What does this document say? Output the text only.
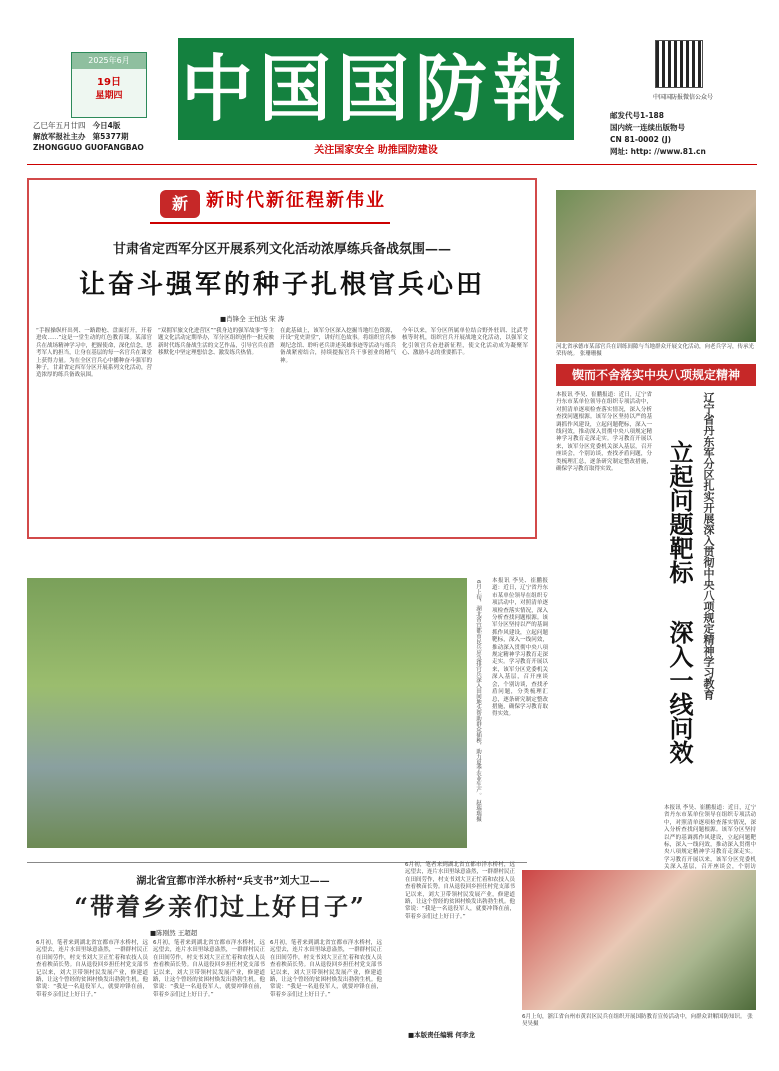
2025年6月
19日
星期四
乙巳年五月廿四 今日4版
解放军报社主办 第5377期
ZHONGGUO GUOFANGBAO
中国国防報
关注国家安全 助推国防建设
中国国防报微信公众号
邮发代号1-188
国内统一连续出版物号
CN 81-0002 (J)
网址: http: //www.81.cn
新	新时代新征程新伟业
甘肃省定西军分区开展系列文化活动浓厚练兵备战氛围——
让奋斗强军的种子扎根官兵心田
■肖锋全 王恒达 宋 涛
“手握操纵杆出列、一路蹬枪、盘面打开，开着进攻……”这是一堂生动的红色教育课。某部官兵在战场精神学习中，把握使命，深化信念，思考军人的担当，让身在基层的每一名官兵在课堂上获得力量。为在全区官兵心中播种奋斗强军的种子，甘肃省定西军分区开展系列文化活动，营造浓厚的练兵备战氛围。
“双拥军旅文化进营区”“我身边的强军故事”等主题文化活动定期举办，军分区组织创作一批反映新时代练兵备战生活的文艺作品，引导官兵在潜移默化中坚定理想信念、激发练兵热情。
在此基础上，该军分区深入挖掘当地红色资源，开设“党史讲堂”，讲好红色故事。将组织官兵参观纪念馆、聆听老兵讲述英雄事迹等活动与练兵备战紧密结合，持续提振官兵干事创业的精气神。
今年以来，军分区所属单位结合野外驻训、比武考核等时机，组织官兵开展战地文化活动，以强军文化引领官兵奋进新征程，使文化活动成为凝聚军心、激励斗志的重要抓手。
河北省承德市某部官兵在训练间隙与当地群众开展文化活动，向老兵学习，传承光荣传统。 张珊珊摄
锲而不舍落实中央八项规定精神
辽宁省丹东军分区扎实开展深入贯彻中央八项规定精神学习教育
立起问题靶标
深入一线问效
本报讯 李昊、崔鹏报道：近日，辽宁省丹东市某单位领导在组织专项活动中，对照清单逐项检查落实情况，深入分析查找问题根源。该军分区坚持以严的基调抓作风建设，立起问题靶标，深入一线问效，推动深入贯彻中央八项规定精神学习教育走深走实。学习教育开展以来，该军分区党委机关深入基层，召开座谈会，个别访谈，查找矛盾问题，分类梳理汇总，逐条研究制定整改措施，确保学习教育取得实效。
本报讯 李昊、崔鹏报道：近日，辽宁省丹东市某单位领导在组织专项活动中，对照清单逐项检查落实情况，深入分析查找问题根源。该军分区坚持以严的基调抓作风建设，立起问题靶标，深入一线问效，推动深入贯彻中央八项规定精神学习教育走深走实。学习教育开展以来，该军分区党委机关深入基层，召开座谈会，个别访
6月上旬，湖北省宜都市民兵应急排官兵深入田间地头帮助群众插秧，助力夏季农业生产。 赵瑞瑞摄 本报讯 李昊、崔鹏报道：近日，辽宁省丹东市某单位领导在组织专项活动中，对照清单逐项检查落实情况，深入分析查找问题根源。该军分区坚持以严的基调抓作风建设，立起问题靶标，深入一线问效，推动深入贯彻中央八项规定精神学习教育走深走实。学习教育开展以来，该军分区党委机关深入基层，召开座谈会，个别访谈，查找矛盾问题，分类梳理汇总，逐条研究制定整改措施，确保学习教育取得实效。
湖北省宜都市洋水桥村“兵支书”刘大卫——
“带着乡亲们过上好日子”
■陈刚然 王超超
6月初，笔者来到湖北省宜都市洋水桥村，远远望去，连片水田里绿意盎然，一群群村民正在田间劳作，村支书刘大卫正忙着和农技人员查看秧苗长势。自从退役回乡担任村党支部书记以来，刘大卫带领村民发展产业，修建道路，让这个曾经的贫困村焕发出勃勃生机。他常说：“我是一名退役军人，就要冲锋在前，带着乡亲们过上好日子。”
6月初，笔者来到湖北省宜都市洋水桥村，远远望去，连片水田里绿意盎然，一群群村民正在田间劳作，村支书刘大卫正忙着和农技人员查看秧苗长势。自从退役回乡担任村党支部书记以来，刘大卫带领村民发展产业，修建道路，让这个曾经的贫困村焕发出勃勃生机。他常说：“我是一名退役军人，就要冲锋在前，带着乡亲们过上好日子。”
6月初，笔者来到湖北省宜都市洋水桥村，远远望去，连片水田里绿意盎然，一群群村民正在田间劳作，村支书刘大卫正忙着和农技人员查看秧苗长势。自从退役回乡担任村党支部书记以来，刘大卫带领村民发展产业，修建道路，让这个曾经的贫困村焕发出勃勃生机。他常说：“我是一名退役军人，就要冲锋在前，带着乡亲们过上好日子。”
6月初，笔者来到湖北省宜都市洋水桥村，远远望去，连片水田里绿意盎然，一群群村民正在田间劳作，村支书刘大卫正忙着和农技人员查看秧苗长势。自从退役回乡担任村党支部书记以来，刘大卫带领村民发展产业，修建道路，让这个曾经的贫困村焕发出勃勃生机。他常说：“我是一名退役军人，就要冲锋在前，带着乡亲们过上好日子。”
■本版责任编辑 何李龙
6月上旬，浙江省台州市黄岩区民兵在组织开展国防教育宣传活动中，向群众讲解国防知识。 张昊昊摄
